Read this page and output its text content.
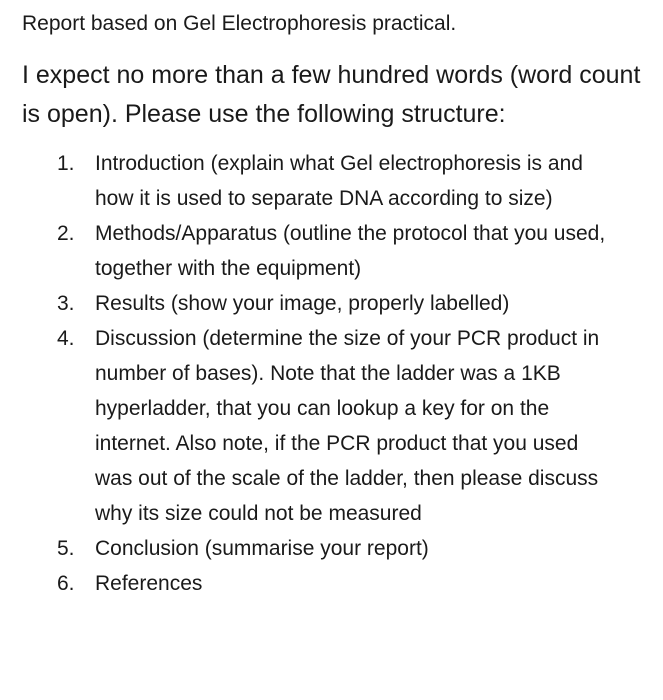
Report based on Gel Electrophoresis practical.

I expect no more than a few hundred words (word count is open). Please use the following structure:

1. Introduction (explain what Gel electrophoresis is and how it is used to separate DNA according to size)
2. Methods/Apparatus (outline the protocol that you used, together with the equipment)
3. Results (show your image, properly labelled)
4. Discussion (determine the size of your PCR product in number of bases). Note that the ladder was a 1KB hyperladder, that you can lookup a key for on the internet. Also note, if the PCR product that you used was out of the scale of the ladder, then please discuss why its size could not be measured
5. Conclusion (summarise your report)
6. References
